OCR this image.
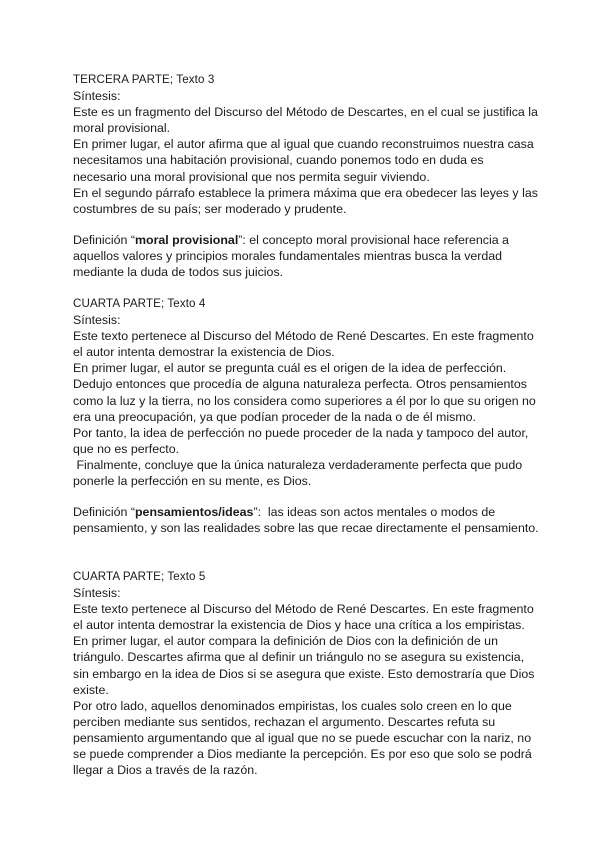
TERCERA PARTE; Texto 3
Síntesis:
Este es un fragmento del Discurso del Método de Descartes, en el cual se justifica la
moral provisional.
En primer lugar, el autor afirma que al igual que cuando reconstruimos nuestra casa
necesitamos una habitación provisional, cuando ponemos todo en duda es
necesario una moral provisional que nos permita seguir viviendo.
En el segundo párrafo establece la primera máxima que era obedecer las leyes y las
costumbres de su país; ser moderado y prudente.
Definición “moral provisional”: el concepto moral provisional hace referencia a
aquellos valores y principios morales fundamentales mientras busca la verdad
mediante la duda de todos sus juicios.
CUARTA PARTE; Texto 4
Síntesis:
Este texto pertenece al Discurso del Método de René Descartes. En este fragmento
el autor intenta demostrar la existencia de Dios.
En primer lugar, el autor se pregunta cuál es el origen de la idea de perfección.
Dedujo entonces que procedía de alguna naturaleza perfecta. Otros pensamientos
como la luz y la tierra, no los considera como superiores a él por lo que su origen no
era una preocupación, ya que podían proceder de la nada o de él mismo.
Por tanto, la idea de perfección no puede proceder de la nada y tampoco del autor,
que no es perfecto.
Finalmente, concluye que la única naturaleza verdaderamente perfecta que pudo
ponerle la perfección en su mente, es Dios.
Definición “pensamientos/ideas”:  las ideas son actos mentales o modos de
pensamiento, y son las realidades sobre las que recae directamente el pensamiento.
CUARTA PARTE; Texto 5
Síntesis:
Este texto pertenece al Discurso del Método de René Descartes. En este fragmento
el autor intenta demostrar la existencia de Dios y hace una crítica a los empiristas.
En primer lugar, el autor compara la definición de Dios con la definición de un
triángulo. Descartes afirma que al definir un triángulo no se asegura su existencia,
sin embargo en la idea de Dios si se asegura que existe. Esto demostraría que Dios
existe.
Por otro lado, aquellos denominados empiristas, los cuales solo creen en lo que
perciben mediante sus sentidos, rechazan el argumento. Descartes refuta su
pensamiento argumentando que al igual que no se puede escuchar con la nariz, no
se puede comprender a Dios mediante la percepción. Es por eso que solo se podrá
llegar a Dios a través de la razón.
